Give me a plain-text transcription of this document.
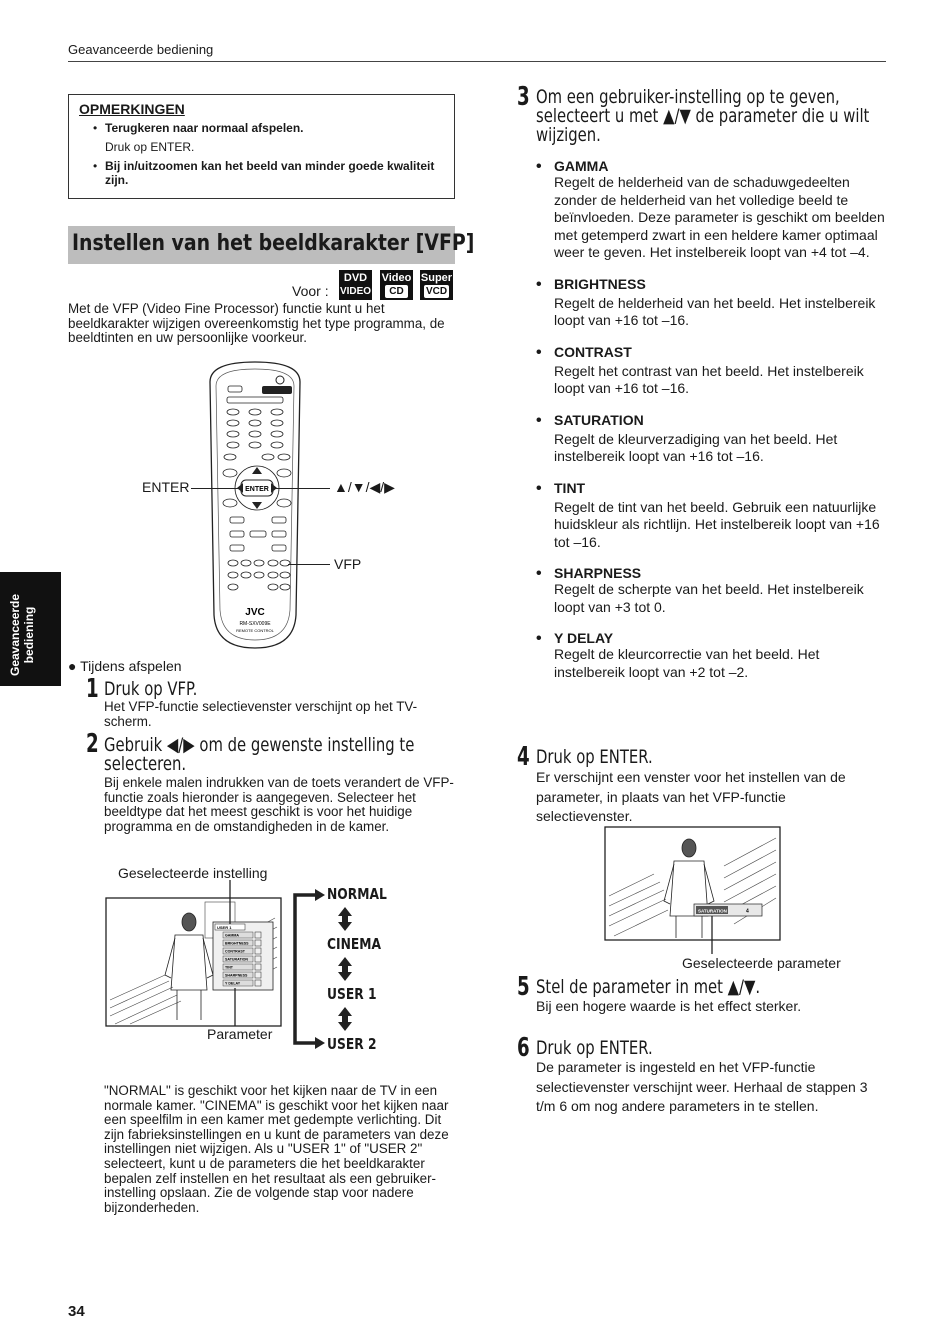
Geavanceerde bediening
OPMERKINGEN
• Terugkeren naar normaal afspelen.
Druk op ENTER.
• Bij in/uitzoomen kan het beeld van minder goede kwaliteit zijn.
Instellen van het beeldkarakter [VFP]
Voor :
DVD
VIDEO
Video
CD
Super
VCD
Met de VFP (Video Fine Processor) functie kunt u het beeldkarakter wijzigen overeenkomstig het type programma, de beeldtinten en uw persoonlijke voorkeur.
ENTER
JVC
RM-SXV009E
REMOTE CONTROL
ENTER	▲/▼/◀/▶
VFP
Geavanceerde bediening
● Tijdens afspelen
1 Druk op VFP.
Het VFP-functie selectievenster verschijnt op het TV-scherm.
2 Gebruik ◀/▶ om de gewenste instelling te
selecteren.
Bij enkele malen indrukken van de toets verandert de VFP-functie zoals hieronder is aangegeven. Selecteer het beeldtype dat het meest geschikt is voor het huidige programma en de omstandigheden in de kamer.
Geselecteerde instelling
Parameter
USER 1
GAMMA
BRIGHTNESS
CONTRAST
SATURATION
TINT
SHARPNESS
Y DELAY
NORMAL
CINEMA
USER 1
USER 2
"NORMAL" is geschikt voor het kijken naar de TV in een normale kamer. "CINEMA" is geschikt voor het kijken naar een speelfilm in een kamer met gedempte verlichting. Dit zijn fabrieksinstellingen en u kunt de parameters van deze instellingen niet wijzigen. Als u "USER 1" of "USER 2" selecteert, kunt u de parameters die het beeldkarakter bepalen zelf instellen en het resultaat als een gebruiker-instelling opslaan. Zie de volgende stap voor nadere bijzonderheden.
3 Om een gebruiker-instelling op te geven,
selecteert u met ▲/▼ de parameter die u wilt
wijzigen.
• GAMMA
Regelt de helderheid van de schaduwgedeelten zonder de helderheid van het volledige beeld te beïnvloeden. Deze parameter is geschikt om beelden met getemperd zwart in een heldere kamer optimaal weer te geven. Het instelbereik loopt van +4 tot –4.
• BRIGHTNESS
Regelt de helderheid van het beeld. Het instelbereik loopt van +16 tot –16.
• CONTRAST
Regelt het contrast van het beeld. Het instelbereik loopt van +16 tot –16.
• SATURATION
Regelt de kleurverzadiging van het beeld. Het instelbereik loopt van +16 tot –16.
• TINT
Regelt de tint van het beeld. Gebruik een natuurlijke huidskleur als richtlijn. Het instelbereik loopt van +16 tot –16.
• SHARPNESS
Regelt de scherpte van het beeld. Het instelbereik loopt van +3 tot 0.
• Y DELAY
Regelt de kleurcorrectie van het beeld. Het instelbereik loopt van +2 tot –2.
4 Druk op ENTER.
Er verschijnt een venster voor het instellen van de parameter, in plaats van het VFP-functie selectievenster.
SATURATION	4
Geselecteerde parameter
5 Stel de parameter in met ▲/▼.
Bij een hogere waarde is het effect sterker.
6 Druk op ENTER.
De parameter is ingesteld en het VFP-functie selectievenster verschijnt weer. Herhaal de stappen 3 t/m 6 om nog andere parameters in te stellen.
34
